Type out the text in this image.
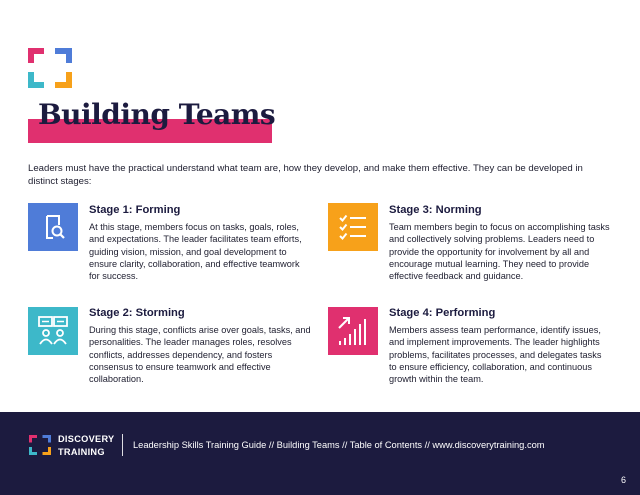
Building Teams

Leaders must have the practical understand what team are, how they develop, and make them effective. They can be developed in distinct stages:

Stage 1: Forming

At this stage, members focus on tasks, goals, roles, and expectations. The leader facilitates team efforts, guiding vision, mission, and goal development to ensure clarity, collaboration, and effective teamwork for success.

Stage 2: Storming

During this stage, conflicts arise over goals, tasks, and personalities. The leader manages roles, resolves conflicts, addresses dependency, and fosters consensus to ensure teamwork and effective collaboration.

Stage 3: Norming

Team members begin to focus on accomplishing tasks and collectively solving problems. Leaders need to provide the opportunity for involvement by all and encourage mutual learning. They need to provide effective feedback and guidance.

Stage 4: Performing

Members assess team performance, identify issues, and implement improvements. The leader highlights problems, facilitates processes, and delegates tasks to ensure efficiency, collaboration, and continuous growth within the team.

DISCOVERY
TRAINING
Leadership Skills Training Guide // Building Teams // Table of Contents // www.discoverytraining.com
6
